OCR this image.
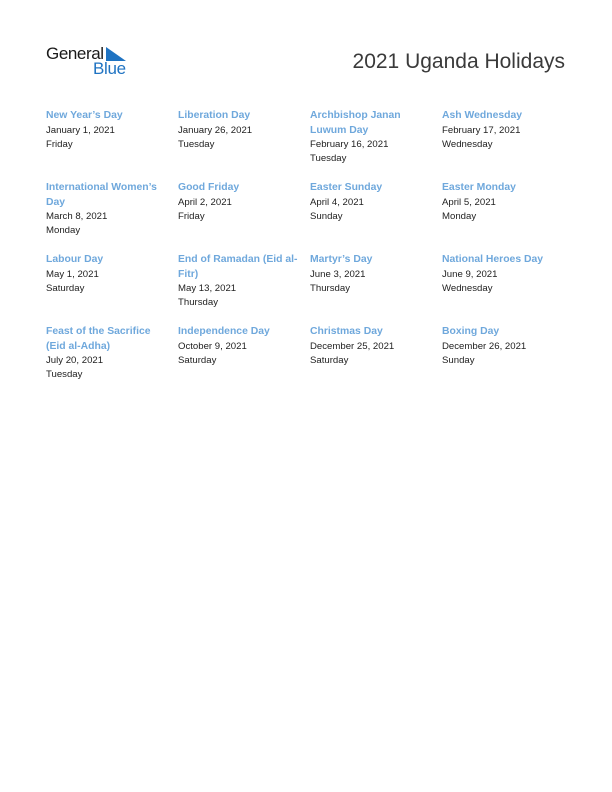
General
Blue	2021 Uganda Holidays
New Year’s Day
January 1, 2021
Friday
Liberation Day
January 26, 2021
Tuesday
Archbishop Janan Luwum Day
February 16, 2021
Tuesday
Ash Wednesday
February 17, 2021
Wednesday
International Women’s Day
March 8, 2021
Monday
Good Friday
April 2, 2021
Friday
Easter Sunday
April 4, 2021
Sunday
Easter Monday
April 5, 2021
Monday
Labour Day
May 1, 2021
Saturday
End of Ramadan (Eid al-Fitr)
May 13, 2021
Thursday
Martyr’s Day
June 3, 2021
Thursday
National Heroes Day
June 9, 2021
Wednesday
Feast of the Sacrifice (Eid al-Adha)
July 20, 2021
Tuesday
Independence Day
October 9, 2021
Saturday
Christmas Day
December 25, 2021
Saturday
Boxing Day
December 26, 2021
Sunday
